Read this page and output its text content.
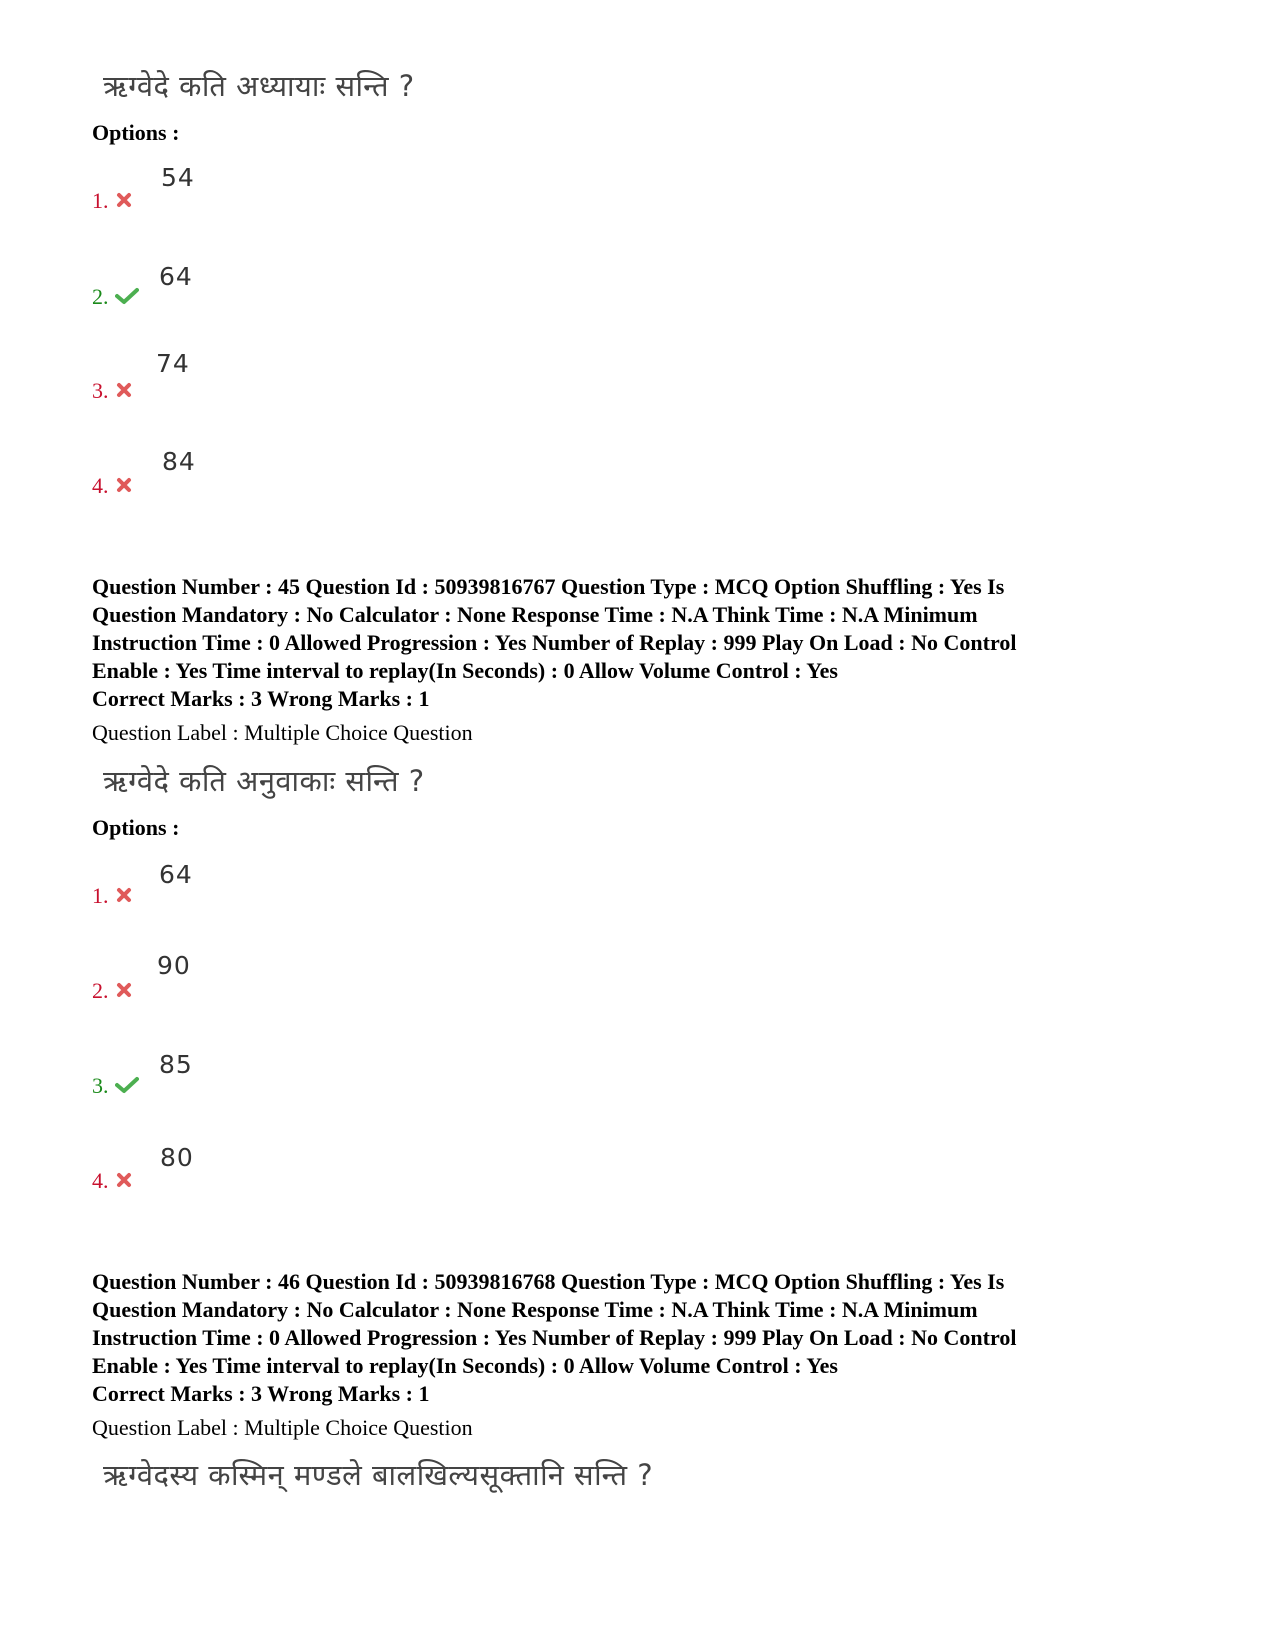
ऋग्वेदे कति अध्यायाः सन्ति ?
Options :
1.
54
2.
64
3.
74
4.
84
Question Number : 45 Question Id : 50939816767 Question Type : MCQ Option Shuffling : Yes Is
Question Mandatory : No Calculator : None Response Time : N.A Think Time : N.A Minimum
Instruction Time : 0 Allowed Progression : Yes Number of Replay : 999 Play On Load : No Control
Enable : Yes Time interval to replay(In Seconds) : 0 Allow Volume Control : Yes
Correct Marks : 3 Wrong Marks : 1
Question Label : Multiple Choice Question
ऋग्वेदे कति अनुवाकाः सन्ति ?
Options :
1.
64
2.
90
3.
85
4.
80
Question Number : 46 Question Id : 50939816768 Question Type : MCQ Option Shuffling : Yes Is
Question Mandatory : No Calculator : None Response Time : N.A Think Time : N.A Minimum
Instruction Time : 0 Allowed Progression : Yes Number of Replay : 999 Play On Load : No Control
Enable : Yes Time interval to replay(In Seconds) : 0 Allow Volume Control : Yes
Correct Marks : 3 Wrong Marks : 1
Question Label : Multiple Choice Question
ऋग्वेदस्य कस्मिन् मण्डले बालखिल्यसूक्तानि सन्ति ?
